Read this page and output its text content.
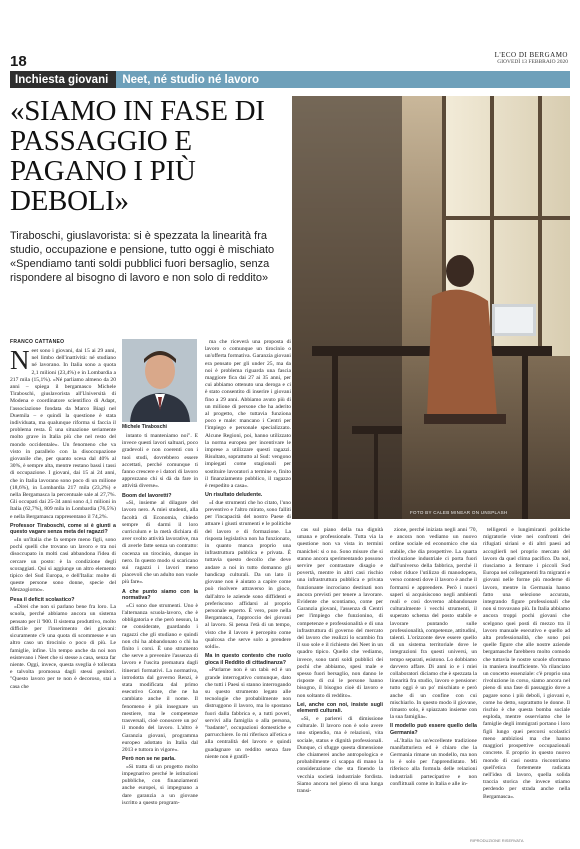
18	L'ECO DI BERGAMO
GIOVEDÌ 13 FEBBRAIO 2020
Inchiesta giovani	Neet, né studio né lavoro
«SIAMO IN FASE DI PASSAGGIO E PAGANO I PIÙ DEBOLI»
FOTO BY CALEB MINEAR ON UNSPLASH
Tiraboschi, giuslavorista: si è spezzata la linearità fra studio, occupazione e pensione, tutto oggi è mischiato «Spendiamo tanti soldi pubblici fuori bersaglio, senza rispondere al bisogno di lavoro e non solo di reddito»
FRANCO CATTANEO
Michele Tiraboschi

Neet sono i giovani, dai 15 ai 29 anni, nel limbo dell'inattività: né studiano né lavorano. In Italia sono a quota 2,1 milioni (23,4%) e in Lombardia a 217 mila (15,1%). «Né parliamo almeno da 20 anni – spiega il bergamasco Michele Tiraboschi, giuslavorista all'Università di Modena e coordinatore scientifico di Adapt, l'associazione fondata da Marco Biagi nel Duemila – e quindi la questione è stata individuata, ma qualunque riforma si faccia il problema resta. È una situazione seriamente molto grave in Italia più che nel resto del mondo occidentale». Un fenomeno che va visto in parallelo con la disoccupazione giovanile che, per quanto scesa dal 40% al 30%, è sempre alta, mentre restano bassi i tassi di occupazione. I giovani, dai 15 ai 24 anni, che in Italia lavorano sono poco di un milione (18,6%), in Lombardia 217 mila (23,2%) e nella Bergamasca la percentuale sale al 27,7%. Gli occupati dai 25-34 anni sono 4,1 milioni in Italia (62,7%), 809 mila in Lombardia (76,5%) e nella Bergamasca rappresentano il 74,2%.

Professor Tiraboschi, come si è giunti a questo vagare senza meta dei ragazzi?

«In un'Italia che fa sempre meno figli, sono pochi quelli che trovano un lavoro e tra noi disoccupato in molti casi abbandona l'idea di cercare un posto: è la condizione degli scoraggiati. Qui si aggiunge un altro elemento tipico del Sud Europa, e dell'Italia: molte di queste persone sono donne, specie del Mezzogiorno».

Pesa il deficit scolastico?

«Direi che non si parlano bene fra loro. La scuola, perché abbiamo ancora un sistema pensato per il '900. Il sistema produttivo, molto difficile per l'inserimento dei giovani: sicuramente c'è una quota di scommesse e un altro caso un tirocinio o poco di più. Le famiglie, infine. Un tempo anche da noi non esistevano i Neet che si stesse a casa, senza far niente. Oggi, invece, questa sveglia è tollerata e talvolta promossa dagli stessi genitori. "Questo lavoro per te non è decoroso, stai a casa che

intanto ti manteniamo noi". E invece questi lavori saltuari, poco gradevoli e non coerenti con i tuoi studi, dovrebbero essere accettati, perché comunque ti fanno crescere e i datori di lavoro apprezzano chi si dà da fare in attività diverse».

Boom del lavoretti?

«Sì, insieme al dilagare del lavoro nero. A miei studenti, alla facoltà di Economia, chiedo sempre di darmi il loro curriculum e la metà dichiara di aver svolto attività lavorative, ma di averle fatte senza un contratto: cocenza un tirocinio, dunque in nero. In questo modo si scaricano sui ragazzi i lavori meno piacevoli che un adulto non vuole più fare».

A che punto siamo con la normativa?

«Ci sono due strumenti. Uno è l'alternanza scuola-lavoro, che è obbligatoria e che però nessun, la ne considerate, guardando i ragazzi che gli studiano e quindi non chi ha abbandonato o chi ha finito i corsi. È uno strumento che serve a prevenire l'assenza di lavoro e l'uscita prematura dagli itinerari formativi. La normativa, introdotta dal governo Renzi, è stata modificata dal primo esecutivo Conte, che ne ha cambiato anche il nome. Il fenomeno è più insegnare un mestiere, ma le competenze trasversali, cioè conoscere un po' il mondo del lavoro. L'altro è Garanzia giovani, programma europeo adottato in Italia dal 2013 e tuttora in vigore».

Però non se ne parla.

«Si tratta di un progetto molto impegnativo perché le istituzioni pubbliche, con finanziamenti anche europei, si impegnano a dare garanzia a un giovane iscritto a questo program-

ma che riceverà una proposta di lavoro o comunque un tirocinio o un'offerta formativa. Garanzia giovani era pensato per gli under 25, ma da noi è problema riguarda una fascia maggiore fica dai 27 ai 35 anni, per cui abbiamo ottenuto una deroga e ci è stato consentito di inserire i giovani fino a 29 anni. Abbiamo avuto più di un milione di persone che ha aderito al progetto, che tuttavia funziona poco e male: mancano i Centri per l'impiego e personale specializzato. Alcune Regioni, poi, hanno utilizzato la norma europea per incentivare le imprese a utilizzare questi ragazzi. Risultato, soprattutto al Sud: vengono impiegati come stagionali per sostituire lavoratori a termine e, finito il finanziamento pubblico, il ragazzo è respedito a casa».

Un risultato deludente.

«I due strumenti che ho citato, l'uno preventivo e l'altro mirato, sono falliti per l'incapacità del nostro Paese di attuare i giusti strumenti e le politiche del lavoro e di formazione. La risposta legislativa non ha funzionato, in quanto manca proprio una infrastruttura pubblica e privata. È tuttavia questo decollo che deve andare a noi in tutto domanno gli handicap culturali. Da un lato il giovane non è aiutato a capire come può risolvere attraverso in gioco, dall'altro le aziende sono diffidenti e preferiscono affidarsi al proprio personale esperto. È vero, pure nella Bergamasca, l'approccio dei giovani al lavoro. Si pensa l'età di un tempo, visto che il lavoro è percepito come qualcosa che serve solo a prendere soldi».

Ma in questo contesto che ruolo gioca il Reddito di cittadinanza?

«Parlarne non è un tabù ed è un grande interrogativo comunque, dato che tutti i Paesi si stanno interrogando su questo strumento legato alle tecnologie che probabilmente non distruggono il lavoro, ma lo spostano fuori dalla fabbrica e, a tutti poveri, servivi alla famiglia o alla persona, "badante", occupazioni domestiche e parrucchiere. Io mi riferisco all'etica e alla centralità del lavoro e quindi guadagnare un reddito senza fare niente non è gratifi-

cas sul piano della tua dignità umana e professionale. Tutta via la questione non va vista in termini manichei: si o no. Sono misure che si stanno ancora sperimentando possono servire per contrastare disagio e povertà, mentre in altri casi rischio una infrastruttura pubblica e privata funzionante incrociano destinati non ancora previsti per tenere a lavorare. Evidente che scontiamo, come per Garanzia giovani, l'assenza di Centri per l'impiego che funzionino, di competenze e professionalità e di una infrastruttura di governo del mercato del lavoro che realizzi lo scambio fra il suo sole e il richiesto dei Neet in un quadro tipico. Quello che vediamo, invece, sono tanti soldi pubblici dei pochi che abbiamo, spesi male e spesso fuori bersaglio, non danno le risposte di cui le persone hanno bisogno, il bisogno cioè di lavoro e non soltanto di reddito».

Lei, anche con noi, insiste sugli elementi culturali.

«Sì, e parlerei di dimissione culturale. Il lavoro non è solo avere uno stipendio, ma è relazioni, vita sociale, status e dignità professionali. Dunque, ci sfugge questa dimensione che chiamerei anche antropologica e probabilmente ci scappa di mano la considerazione che sta finendo la vecchia società industriale fordista. Siamo ancora nel pieno di una lunga transi-

zione, perché iniziata negli anni '70, e ancora non vediamo un nuovo ordine sociale ed economico che sia stabile, che dia prospettive. La quarta rivoluzione industriale ci porta fuori dall'universo della fabbrica, perché il robot riduce l'utilizzo di manodopera, verso contesti dove il lavoro è anche il formarsi e apprendere. Però i nuovi saperi si acquisiscono negli ambienti reali e così dovremo abbandonare culturalmente i vecchi strumenti, il superato schema del posto stabile e lavorare puntando sulle professionalità, competenze, attitudini, talenti. L'orizzonte deve essere quello di un sistema territoriale dove le integrazioni fra questi universi, un tempo separati, esistono. Lo dobbiamo davvero affare. Di anni io e i miei collaboratori diciamo che è spezzata la linearità fra studio, lavoro e pensione: tutto oggi è un po' mischiato e però anche di un confine con cui mischiarlo. In questo modo il giovane, rimasto solo, è spiazzato insieme con la sua famiglia».

Il modello può essere quello della Germania?

«L'Italia ha un'eccellente tradizione manifatturiera ed è chiaro che la Germania rimane un modello, ma non lo è solo per l'apprendistato. Mi riferisco alla formula delle relazioni industriali partecipative e non conflittuali come in Italia e alle in-

telligenti e lungimiranti politiche migratorie viste nei confronti dei rifugiati siriani e di altri paesi ad accoglierli nel proprio mercato del lavoro da quel clima pacifico. Da noi, riusciamo a fermare i piccoli Sud Europa nei collegamenti fra migranti e giovani nelle forme più moderne di lavoro, mentre in Germania hanno fatto una selezione accurata, integrando figure professionali che non si trovavano più. In Italia abbiamo ancora troppi pochi giovani che scelgono quei posti di mezzo tra il lavoro manuale esecutivo e quello ad alta professionalità, che sono poi quelle figure che alle nostre aziende bergamasche farebbero molto comodo che tuttavia le nostre scuole sformano in maniera insufficiente. Va rilanciato un concetto essenziale: c'è proprio una rivoluzione in corso, siamo ancora nel pieno di una fase di passaggio dove a pagare sono i più deboli, i giovani e, come ho detto, soprattutto le donne. Il rischio è che questa bomba sociale esploda, mentre osserviamo che le famiglie degli immigrati portano i loro figli lungo quei percorsi scolastici meno ambiziosi ma che hanno maggiori prospettive occupazionali concrete. E proprio in questo nuovo mondo di casi nostra riscontriamo quell'etica fortemente radicata nell'idea di lavoro, quella solida traccia storica che invece stiamo perdendo per strada anche nella Bergamasca».

RIPRODUZIONE RISERVATA
